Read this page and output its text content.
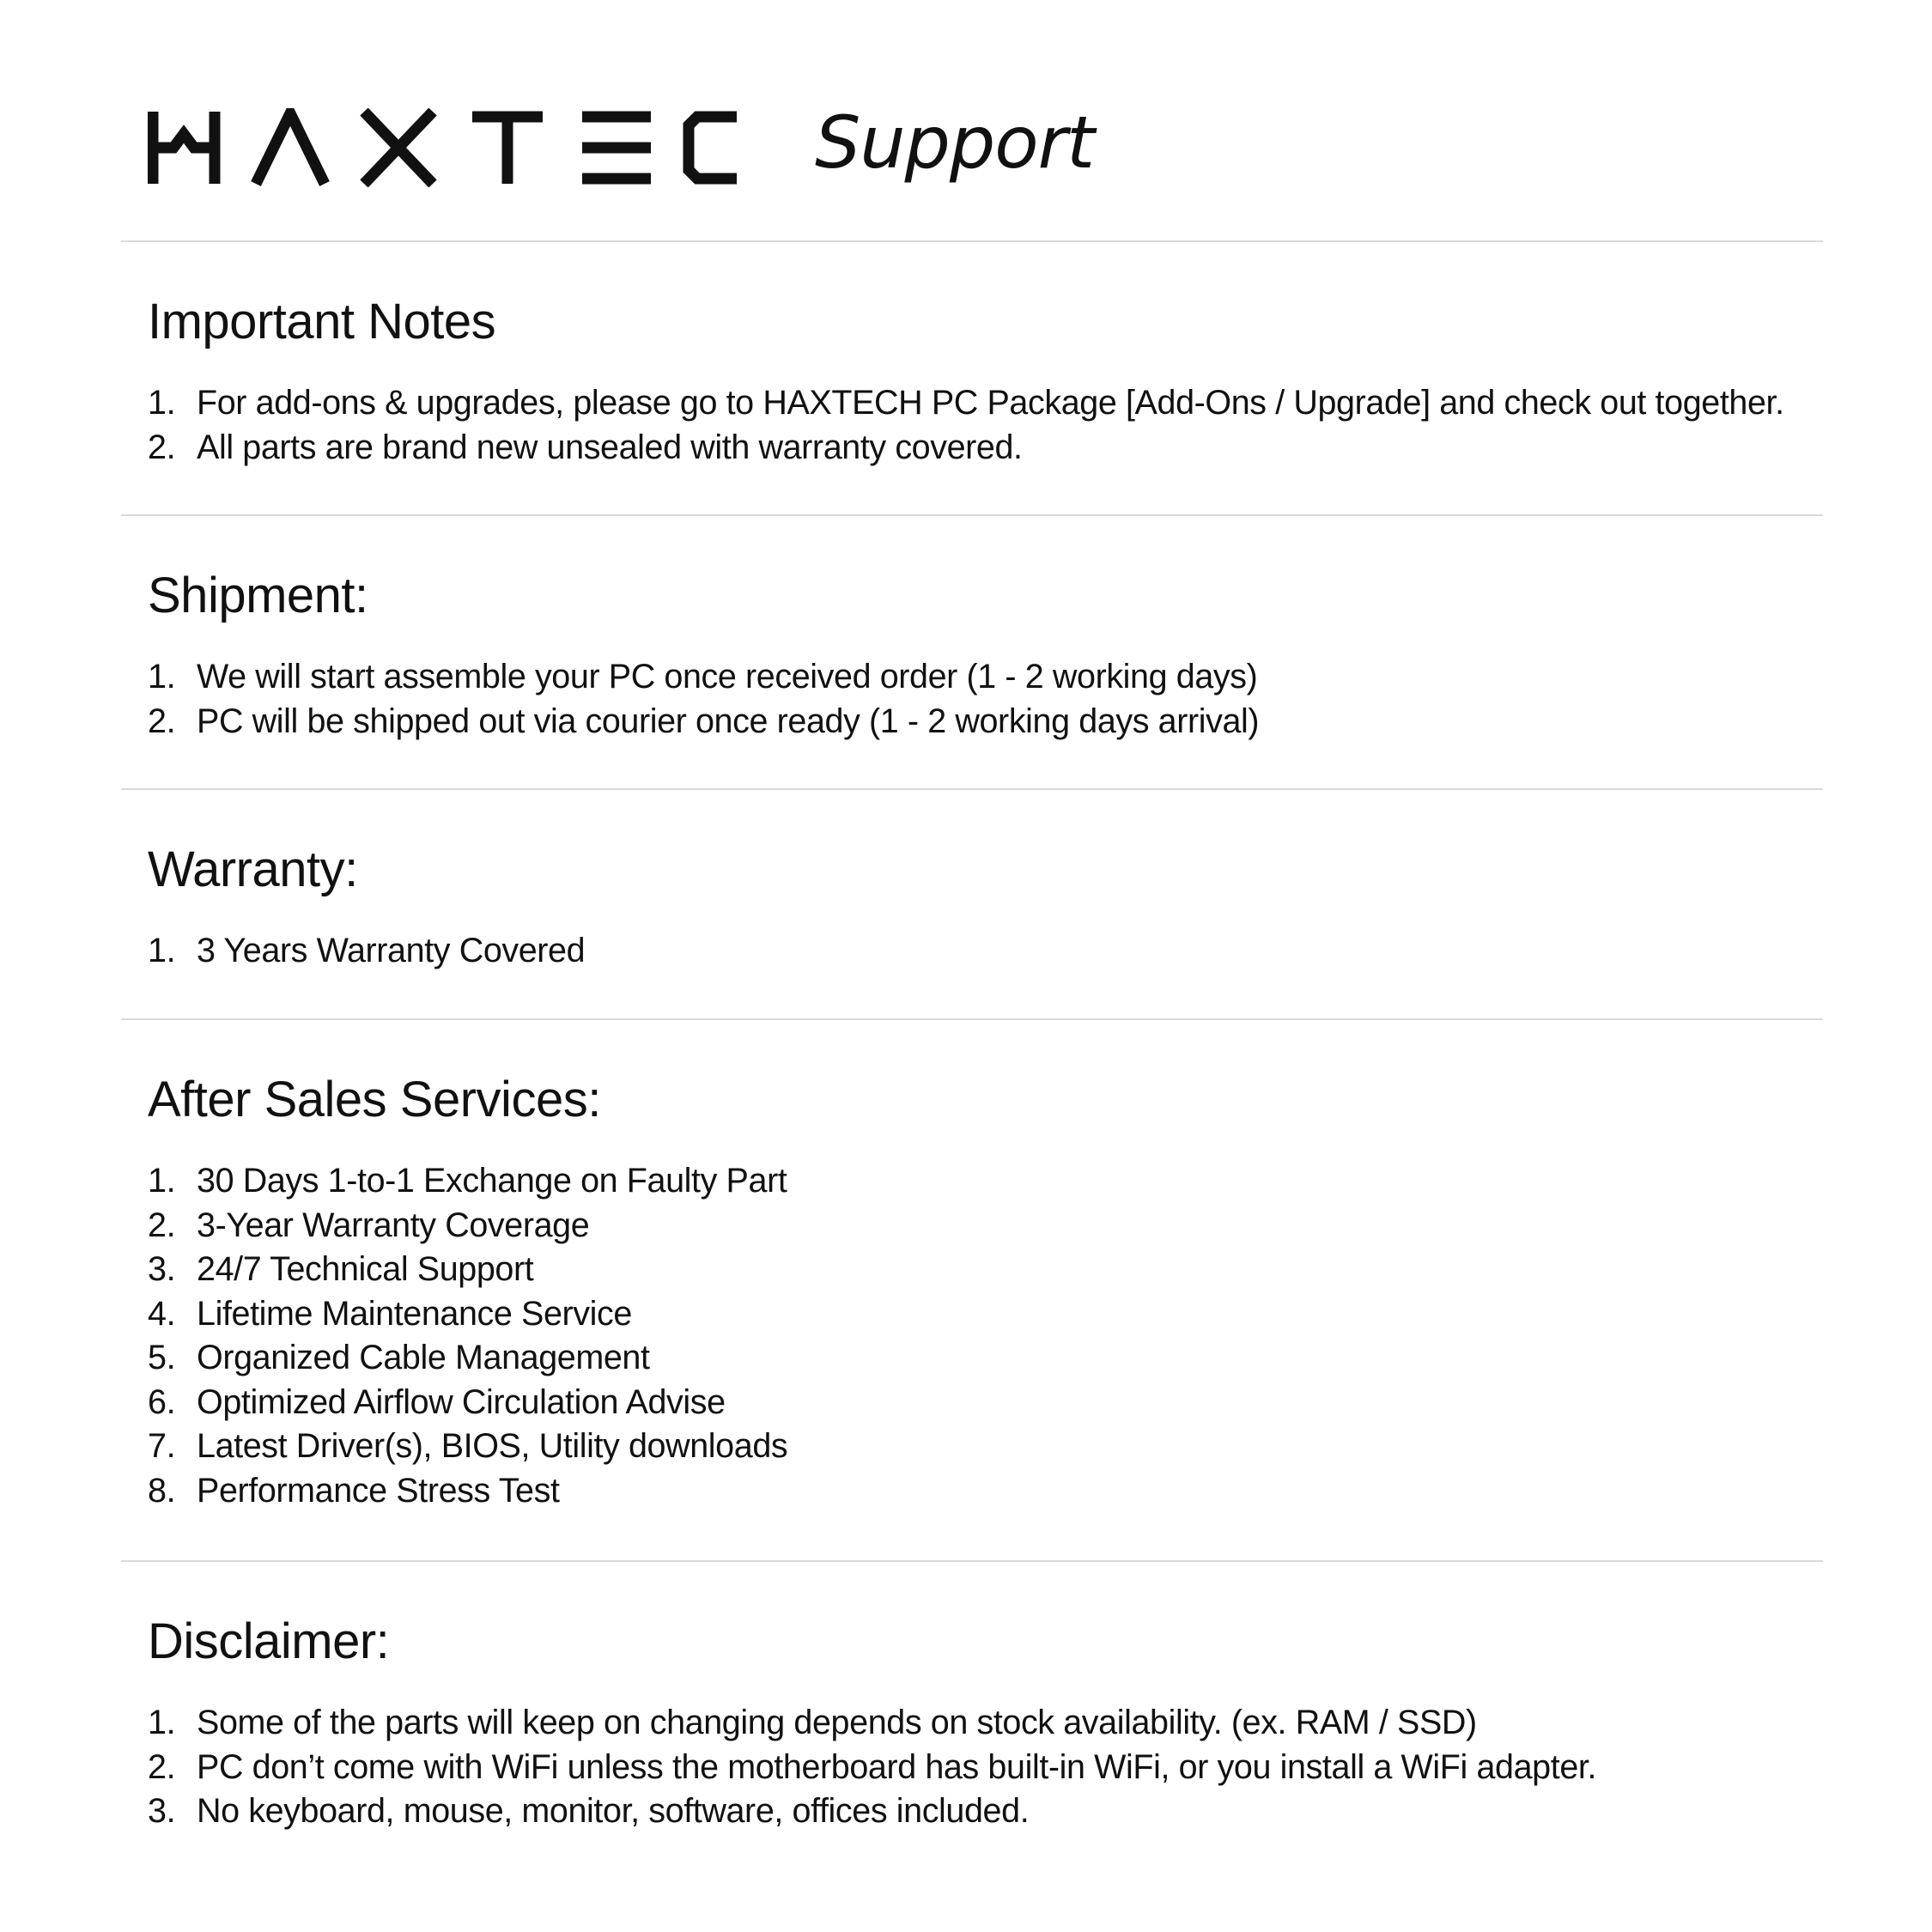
Support
Important Notes
1. For add-ons & upgrades, please go to HAXTECH PC Package [Add-Ons / Upgrade] and check out together.
2. All parts are brand new unsealed with warranty covered.
Shipment:
1. We will start assemble your PC once received order (1 - 2 working days)
2. PC will be shipped out via courier once ready (1 - 2 working days arrival)
Warranty:
1. 3 Years Warranty Covered
After Sales Services:
1. 30 Days 1-to-1 Exchange on Faulty Part
2. 3-Year Warranty Coverage
3. 24/7 Technical Support
4. Lifetime Maintenance Service
5. Organized Cable Management
6. Optimized Airflow Circulation Advise
7. Latest Driver(s), BIOS, Utility downloads
8. Performance Stress Test
Disclaimer:
1. Some of the parts will keep on changing depends on stock availability. (ex. RAM / SSD)
2. PC don’t come with WiFi unless the motherboard has built-in WiFi, or you install a WiFi adapter.
3. No keyboard, mouse, monitor, software, offices included.
